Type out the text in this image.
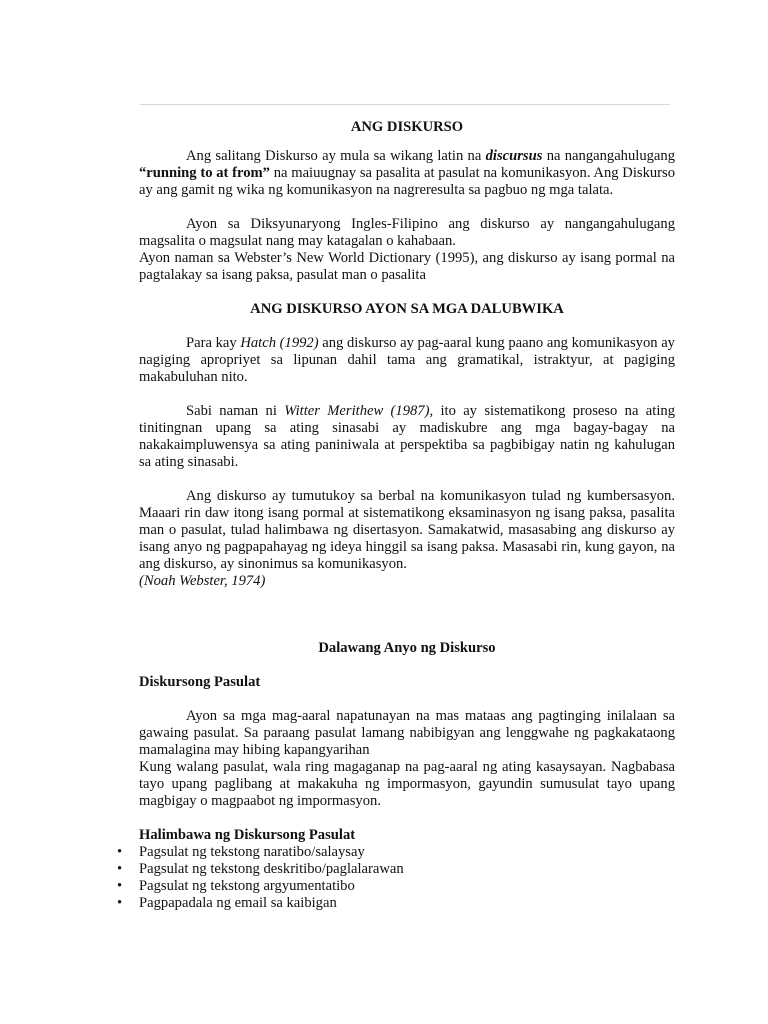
ANG DISKURSO

Ang salitang Diskurso ay mula sa wikang latin na discursus na nangangahulugang “running to at from” na maiuugnay sa pasalita at pasulat na komunikasyon. Ang Diskurso ay ang gamit ng wika ng komunikasyon na nagreresulta sa pagbuo ng mga talata.

Ayon sa Diksyunaryong Ingles-Filipino ang diskurso ay nangangahulugang magsalita o magsulat nang may katagalan o kahabaan.

Ayon naman sa Webster’s New World Dictionary (1995), ang diskurso ay isang pormal na pagtalakay sa isang paksa, pasulat man o pasalita

ANG DISKURSO AYON SA MGA DALUBWIKA

Para kay Hatch (1992) ang diskurso ay pag-aaral kung paano ang komunikasyon ay nagiging apropriyet sa lipunan dahil tama ang gramatikal, istraktyur, at pagiging makabuluhan nito.

Sabi naman ni Witter Merithew (1987), ito ay sistematikong proseso na ating tinitingnan upang sa ating sinasabi ay madiskubre ang mga bagay-bagay na nakakaimpluwensya sa ating paniniwala at perspektiba sa pagbibigay natin ng kahulugan sa ating sinasabi.

Ang diskurso ay tumutukoy sa berbal na komunikasyon tulad ng kumbersasyon. Maaari rin daw itong isang pormal at sistematikong eksaminasyon ng isang paksa, pasalita man o pasulat, tulad halimbawa ng disertasyon. Samakatwid, masasabing ang diskurso ay isang anyo ng pagpapahayag ng ideya hinggil sa isang paksa. Masasabi rin, kung gayon, na ang diskurso, ay sinonimus sa komunikasyon.

(Noah Webster, 1974)
Dalawang Anyo ng Diskurso
Diskursong Pasulat

Ayon sa mga mag-aaral napatunayan na mas mataas ang pagtinging inilalaan sa gawaing pasulat. Sa paraang pasulat lamang nabibigyan ang lenggwahe ng pagkakataong mamalagina may hibing kapangyarihan

Kung walang pasulat, wala ring magaganap na pag-aaral ng ating kasaysayan. Nagbabasa tayo upang paglibang at makakuha ng impormasyon, gayundin sumusulat tayo upang magbigay o magpaabot ng impormasyon.

Halimbawa ng Diskursong Pasulat
• Pagsulat ng tekstong naratibo/salaysay
• Pagsulat ng tekstong deskritibo/paglalarawan
• Pagsulat ng tekstong argyumentatibo
• Pagpapadala ng email sa kaibigan
